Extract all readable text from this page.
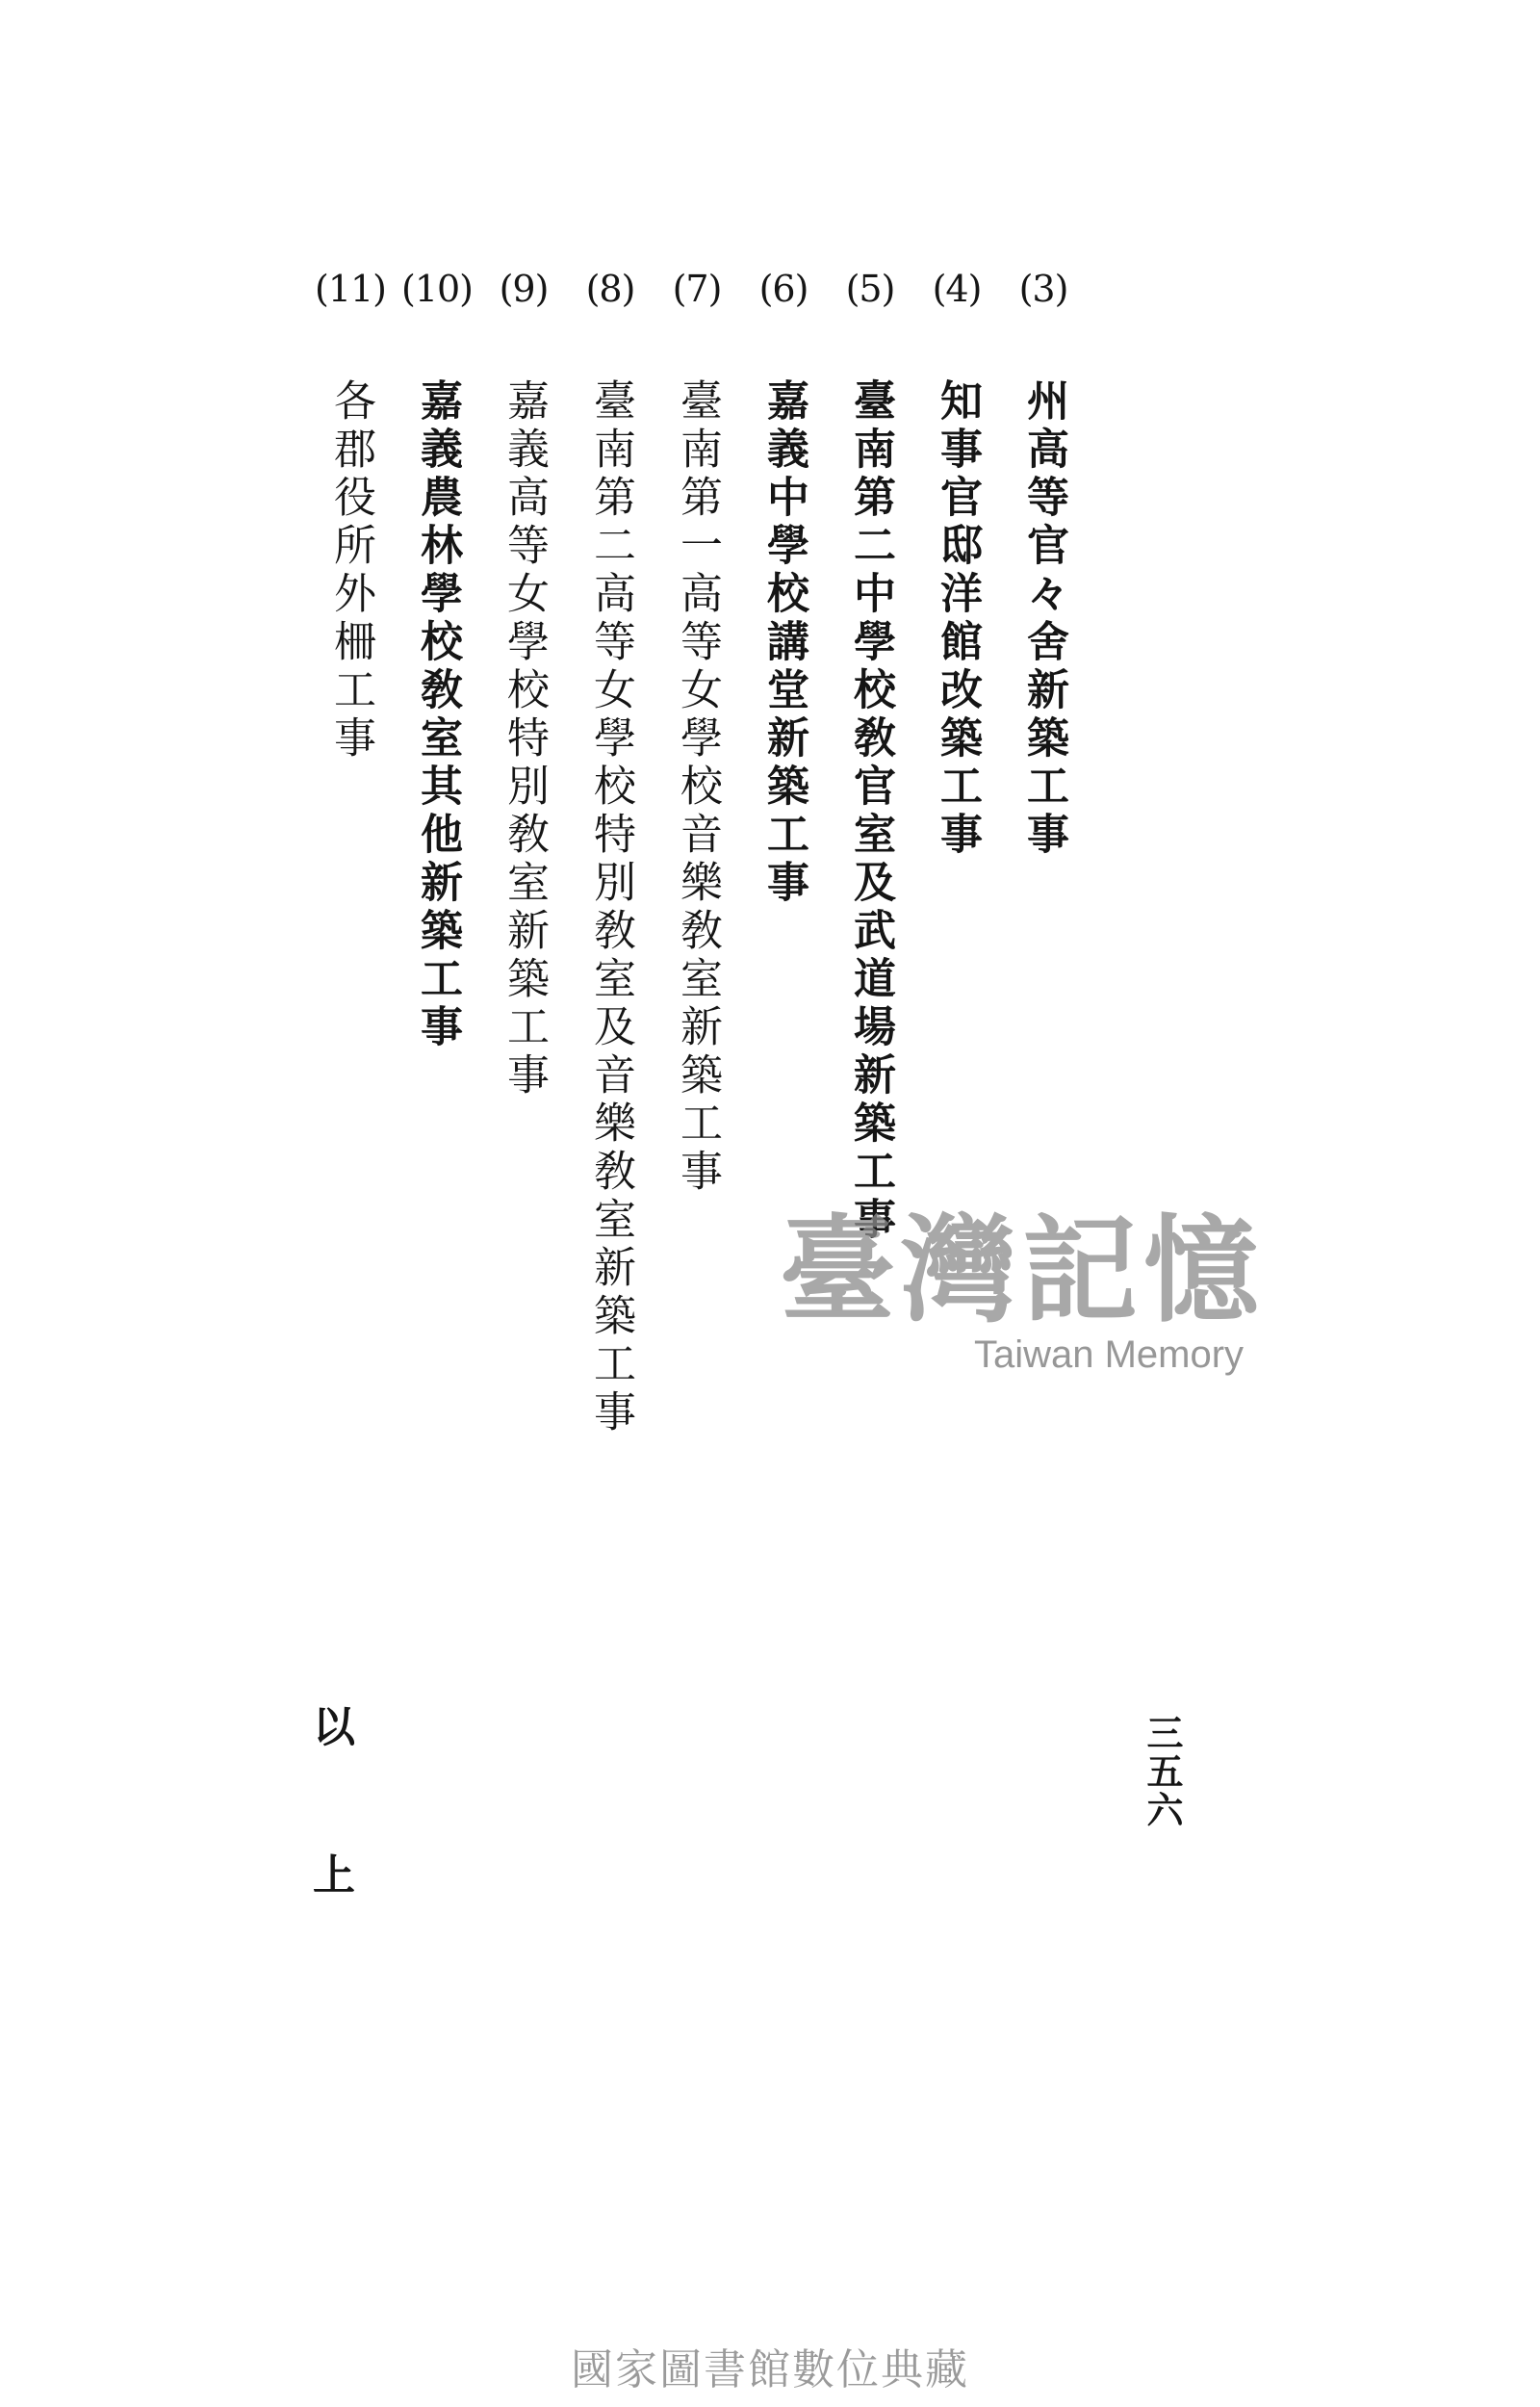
(3)
州高等官々舍新築工事
(4)
知事官邸洋館改築工事
(5)
臺南第二中學校敎官室及武道場新築工事
(6)
嘉義中學校講堂新築工事
(7)
臺南第一高等女學校音樂敎室新築工事
(8)
臺南第二高等女學校特別敎室及音樂敎室新築工事
(9)
嘉義高等女學校特別敎室新築工事
(10)
嘉義農林學校敎室其他新築工事
(11)
各郡役所外柵工事
以上	三五六
臺灣記憶
Taiwan Memory
國家圖書館數位典藏
